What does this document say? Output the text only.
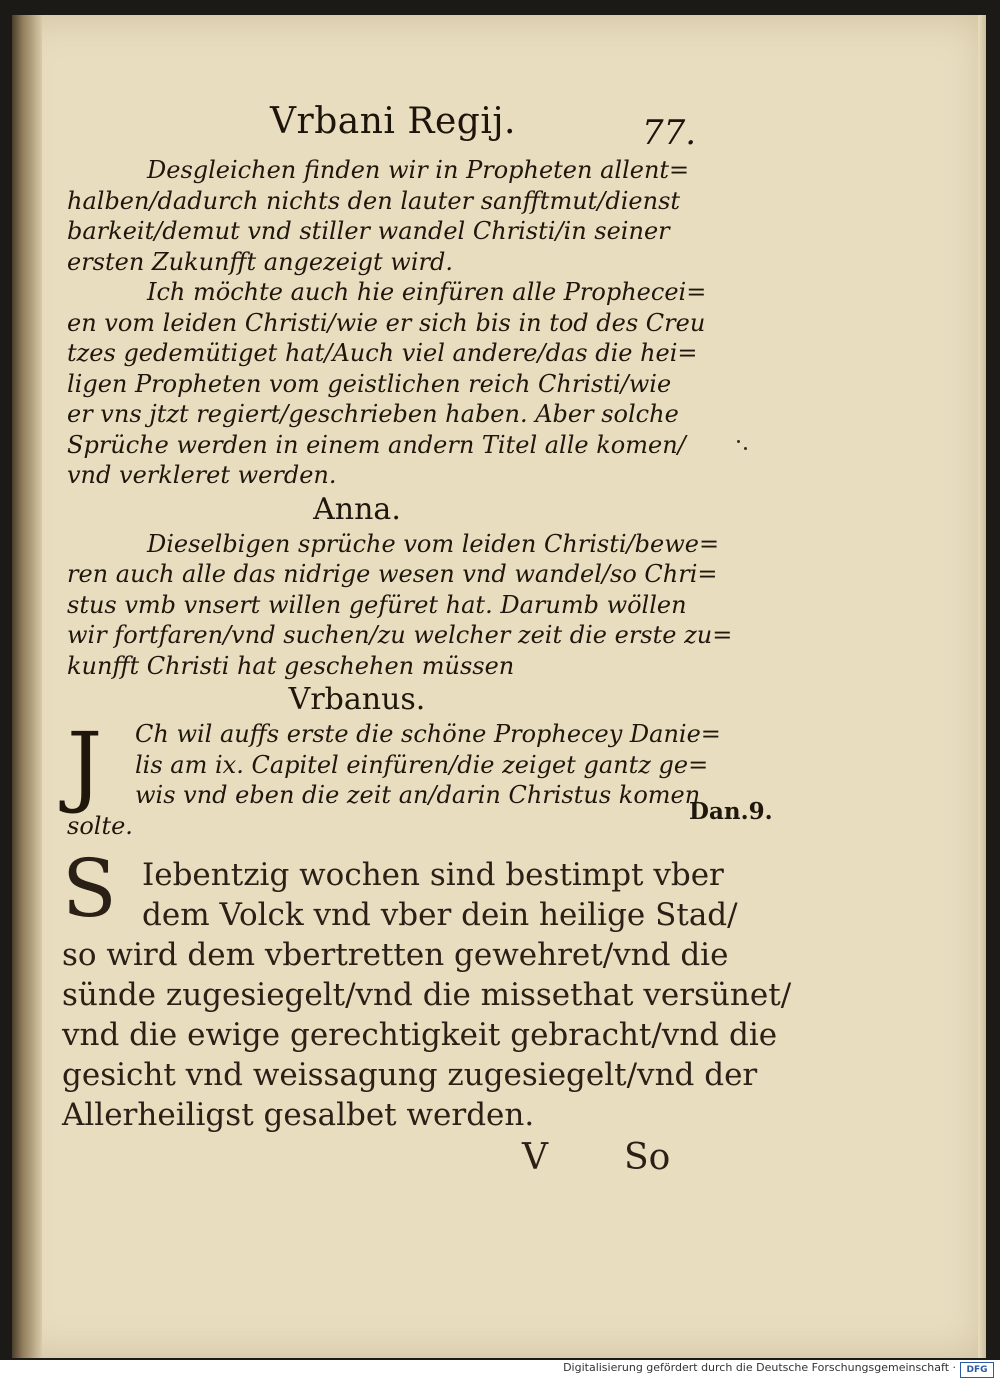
Vrbani Regij.	77.
Desgleichen finden wir in Propheten allent=
halben/dadurch nichts den lauter sanfftmut/dienst
barkeit/demut vnd stiller wandel Christi/in seiner
ersten Zukunfft angezeigt wird.
Ich möchte auch hie einfüren alle Prophecei=
en vom leiden Christi/wie er sich bis in tod des Creu
tzes gedemütiget hat/Auch viel andere/das die hei=
ligen Propheten vom geistlichen reich Christi/wie
er vns jtzt regiert/geschrieben haben. Aber solche
Sprüche werden in einem andern Titel alle komen/
vnd verkleret werden.
Anna.
Dieselbigen sprüche vom leiden Christi/bewe=
ren auch alle das nidrige wesen vnd wandel/so Chri=
stus vmb vnsert willen gefüret hat. Darumb wöllen
wir fortfaren/vnd suchen/zu welcher zeit die erste zu=
kunfft Christi hat geschehen müssen
Vrbanus.
J	Ch wil auffs erste die schöne Prophecey Danie=
lis am ix. Capitel einfüren/die zeiget gantz ge=
wis vnd eben die zeit an/darin Christus komen
solte.	Dan.9.
S Iebentzig wochen sind bestimpt vber
dem Volck vnd vber dein heilige Stad/
so wird dem vbertretten gewehret/vnd die
sünde zugesiegelt/vnd die missethat versünet/
vnd die ewige gerechtigkeit gebracht/vnd die
gesicht vnd weissagung zugesiegelt/vnd der
Allerheiligst gesalbet werden.
V So
Digitalisierung gefördert durch die Deutsche Forschungsgemeinschaft ·	DFG
